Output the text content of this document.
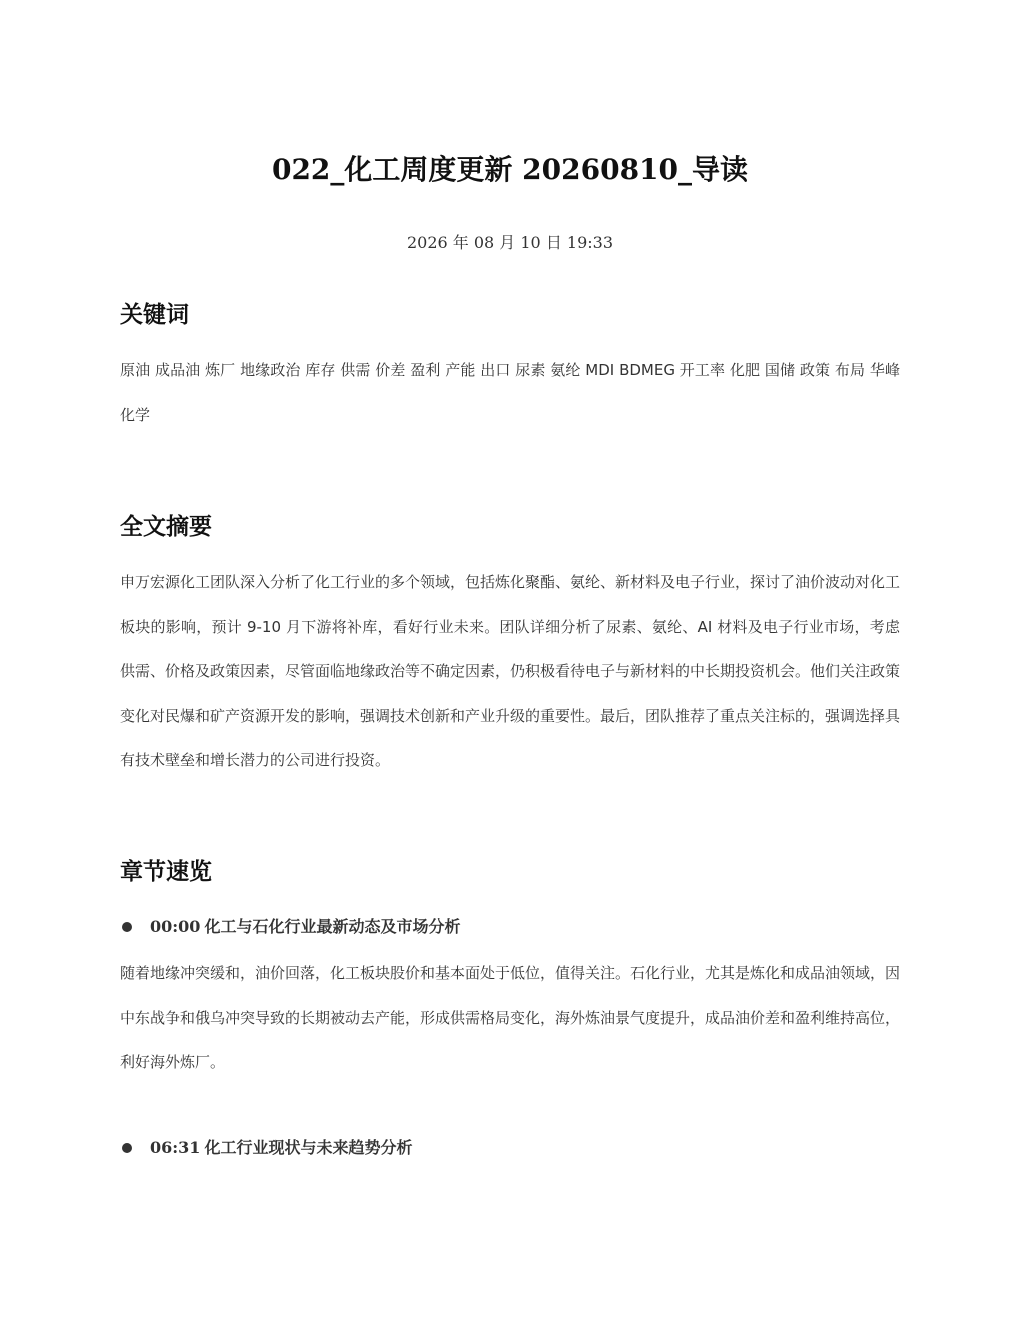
022_化工周度更新 20260810_导读
2026 年 08 月 10 日 19:33
关键词
原油 成品油 炼厂 地缘政治 库存 供需 价差 盈利 产能 出口 尿素 氨纶 MDI BDMEG 开工率 化肥 国储 政策 布局 华峰化学
全文摘要
申万宏源化工团队深入分析了化工行业的多个领域，包括炼化聚酯、氨纶、新材料及电子行业，探讨了油价波动对化工板块的影响，预计 9-10 月下游将补库，看好行业未来。团队详细分析了尿素、氨纶、AI 材料及电子行业市场，考虑供需、价格及政策因素，尽管面临地缘政治等不确定因素，仍积极看待电子与新材料的中长期投资机会。他们关注政策变化对民爆和矿产资源开发的影响，强调技术创新和产业升级的重要性。最后，团队推荐了重点关注标的，强调选择具有技术壁垒和增长潜力的公司进行投资。
章节速览
00:00 化工与石化行业最新动态及市场分析
随着地缘冲突缓和，油价回落，化工板块股价和基本面处于低位，值得关注。石化行业，尤其是炼化和成品油领域，因中东战争和俄乌冲突导致的长期被动去产能，形成供需格局变化，海外炼油景气度提升，成品油价差和盈利维持高位，利好海外炼厂。
06:31 化工行业现状与未来趋势分析
